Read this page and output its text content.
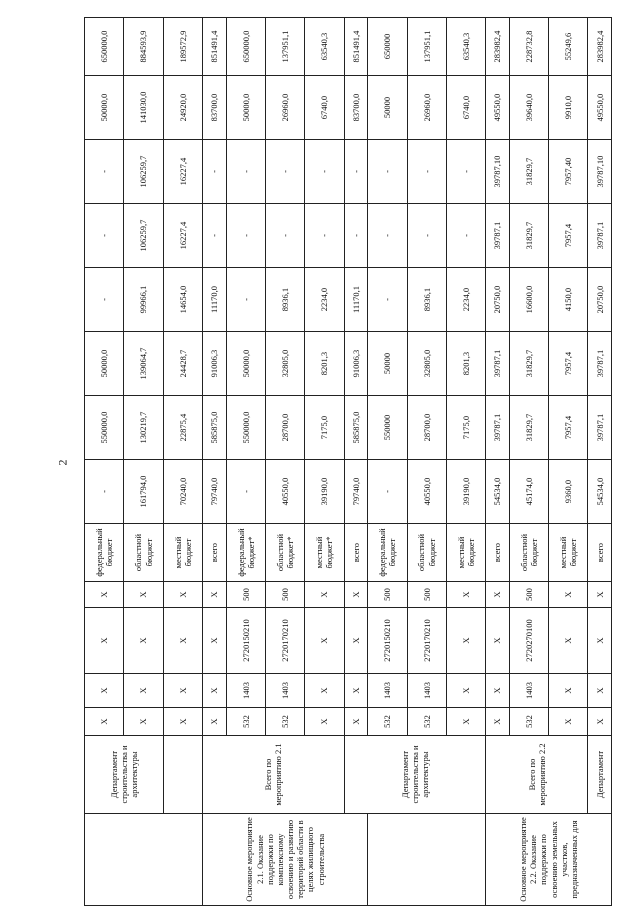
2
	Департамент строительства и архитектуры	X	X	X	X	федеральный бюджет	-	550000,0	50000,0	-	-	-	50000,0	650000,0
		X	X	X	X	областной бюджет	161794,0	130219,7	139064,7	99966,1	106259,7	106259,7	141030,0	884593,9
		X	X	X	X	местный бюджет	70240,0	22875,4	24428,7	14654,0	16227,4	16227,4	24920,0	189572,9
Основное мероприятие 2.1. Оказание поддержки по комплексному освоению и развитию территорий области в целях жилищного строительства	Всего по мероприятию 2.1	X	X	X	X	всего	79740,0	585875,0	91006,3	11170,0	-	-	83700,0	851491,4
		532	1403	2720150210	500	федеральный бюджет*	-	550000,0	50000,0	-	-	-	50000,0	650000,0
		532	1403	2720170210	500	областной бюджет*	40550,0	28700,0	32805,0	8936,1	-	-	26960,0	137951,1
		X	X	X	X	местный бюджет*	39190,0	7175,0	8201,3	2234,0	-	-	6740,0	63540,3
	Департамент строительства и архитектуры	X	X	X	X	всего	79740,0	585875,0	91006,3	11170,1	-	-	83700,0	851491,4
		532	1403	2720150210	500	федеральный бюджет	-	550000	50000	-	-	-	50000	650000
		532	1403	2720170210	500	областной бюджет	40550,0	28700,0	32805,0	8936,1	-	-	26960,0	137951,1
		X	X	X	X	местный бюджет	39190,0	7175,0	8201,3	2234,0	-	-	6740,0	63540,3
Основное мероприятие 2.2. Оказание поддержки по освоению земельных участков, предназначенных для	Всего по мероприятию 2.2	X	X	X	X	всего	54534,0	39787,1	39787,1	20750,0	39787,1	39787,10	49550,0	283982,4
		532	1403	2720270100	500	областной бюджет	45174,0	31829,7	31829,7	16600,0	31829,7	31829,7	39640,0	228732,8
		X	X	X	X	местный бюджет	9360,0	7957,4	7957,4	4150,0	7957,4	7957,40	9910,0	55249,6
	Департамент	X	X	X	X	всего	54534,0	39787,1	39787,1	20750,0	39787,1	39787,10	49550,0	283982,4
